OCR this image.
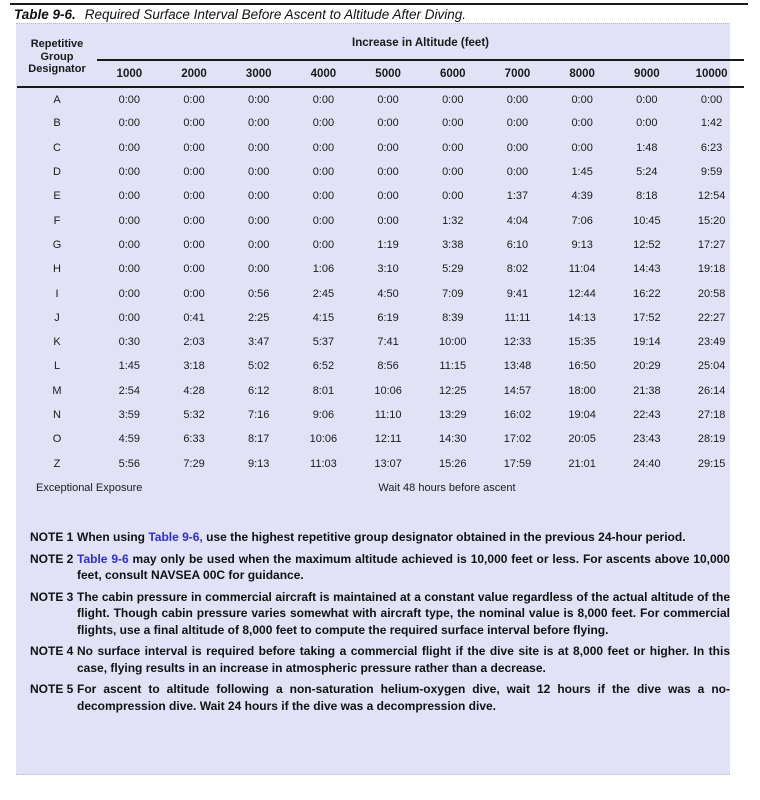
Table 9-6. Required Surface Interval Before Ascent to Altitude After Diving.
Repetitive
Group
Designator	Increase in Altitude (feet)									
	1000	2000	3000	4000	5000	6000	7000	8000	9000	10000
A	0:00	0:00	0:00	0:00	0:00	0:00	0:00	0:00	0:00	0:00
B	0:00	0:00	0:00	0:00	0:00	0:00	0:00	0:00	0:00	1:42
C	0:00	0:00	0:00	0:00	0:00	0:00	0:00	0:00	1:48	6:23
D	0:00	0:00	0:00	0:00	0:00	0:00	0:00	1:45	5:24	9:59
E	0:00	0:00	0:00	0:00	0:00	0:00	1:37	4:39	8:18	12:54
F	0:00	0:00	0:00	0:00	0:00	1:32	4:04	7:06	10:45	15:20
G	0:00	0:00	0:00	0:00	1:19	3:38	6:10	9:13	12:52	17:27
H	0:00	0:00	0:00	1:06	3:10	5:29	8:02	11:04	14:43	19:18
I	0:00	0:00	0:56	2:45	4:50	7:09	9:41	12:44	16:22	20:58
J	0:00	0:41	2:25	4:15	6:19	8:39	11:11	14:13	17:52	22:27
K	0:30	2:03	3:47	5:37	7:41	10:00	12:33	15:35	19:14	23:49
L	1:45	3:18	5:02	6:52	8:56	11:15	13:48	16:50	20:29	25:04
M	2:54	4:28	6:12	8:01	10:06	12:25	14:57	18:00	21:38	26:14
N	3:59	5:32	7:16	9:06	11:10	13:29	16:02	19:04	22:43	27:18
O	4:59	6:33	8:17	10:06	12:11	14:30	17:02	20:05	23:43	28:19
Z	5:56	7:29	9:13	11:03	13:07	15:26	17:59	21:01	24:40	29:15
Exceptional Exposure	Wait 48 hours before ascent
NOTE 1 When using Table 9-6, use the highest repetitive group designator obtained in the previous 24-hour period.
NOTE 2 Table 9-6 may only be used when the maximum altitude achieved is 10,000 feet or less. For ascents above 10,000 feet, consult NAVSEA 00C for guidance.
NOTE 3 The cabin pressure in commercial aircraft is maintained at a constant value regardless of the actual altitude of the flight. Though cabin pressure varies somewhat with aircraft type, the nominal value is 8,000 feet. For commercial flights, use a final altitude of 8,000 feet to compute the required surface interval before flying.
NOTE 4 No surface interval is required before taking a commercial flight if the dive site is at 8,000 feet or higher. In this case, flying results in an increase in atmospheric pressure rather than a decrease.
NOTE 5 For ascent to altitude following a non-saturation helium-oxygen dive, wait 12 hours if the dive was a no-decompression dive. Wait 24 hours if the dive was a decompression dive.
